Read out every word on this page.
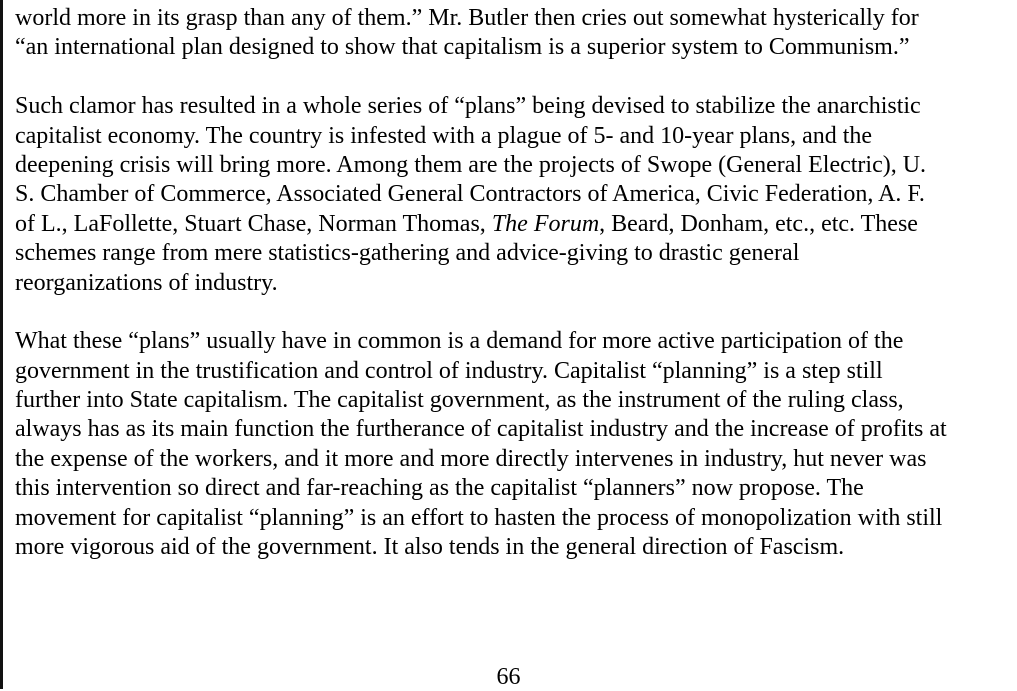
world more in its grasp than any of them.” Mr. Butler then cries out somewhat hysterically for
“an international plan designed to show that capitalism is a superior system to Communism.”
Such clamor has resulted in a whole series of “plans” being devised to stabilize the anarchistic
capitalist economy. The country is infested with a plague of 5- and 10-year plans, and the
deepening crisis will bring more. Among them are the projects of Swope (General Electric), U.
S. Chamber of Commerce, Associated General Contractors of America, Civic Federation, A. F.
of L., LaFollette, Stuart Chase, Norman Thomas, The Forum, Beard, Donham, etc., etc. These
schemes range from mere statistics-gathering and advice-giving to drastic general
reorganizations of industry.
What these “plans” usually have in common is a demand for more active participation of the
government in the trustification and control of industry. Capitalist “planning” is a step still
further into State capitalism. The capitalist government, as the instrument of the ruling class,
always has as its main function the furtherance of capitalist industry and the increase of profits at
the expense of the workers, and it more and more directly intervenes in industry, hut never was
this intervention so direct and far-reaching as the capitalist “planners” now propose. The
movement for capitalist “planning” is an effort to hasten the process of monopolization with still
more vigorous aid of the government. It also tends in the general direction of Fascism.
66
